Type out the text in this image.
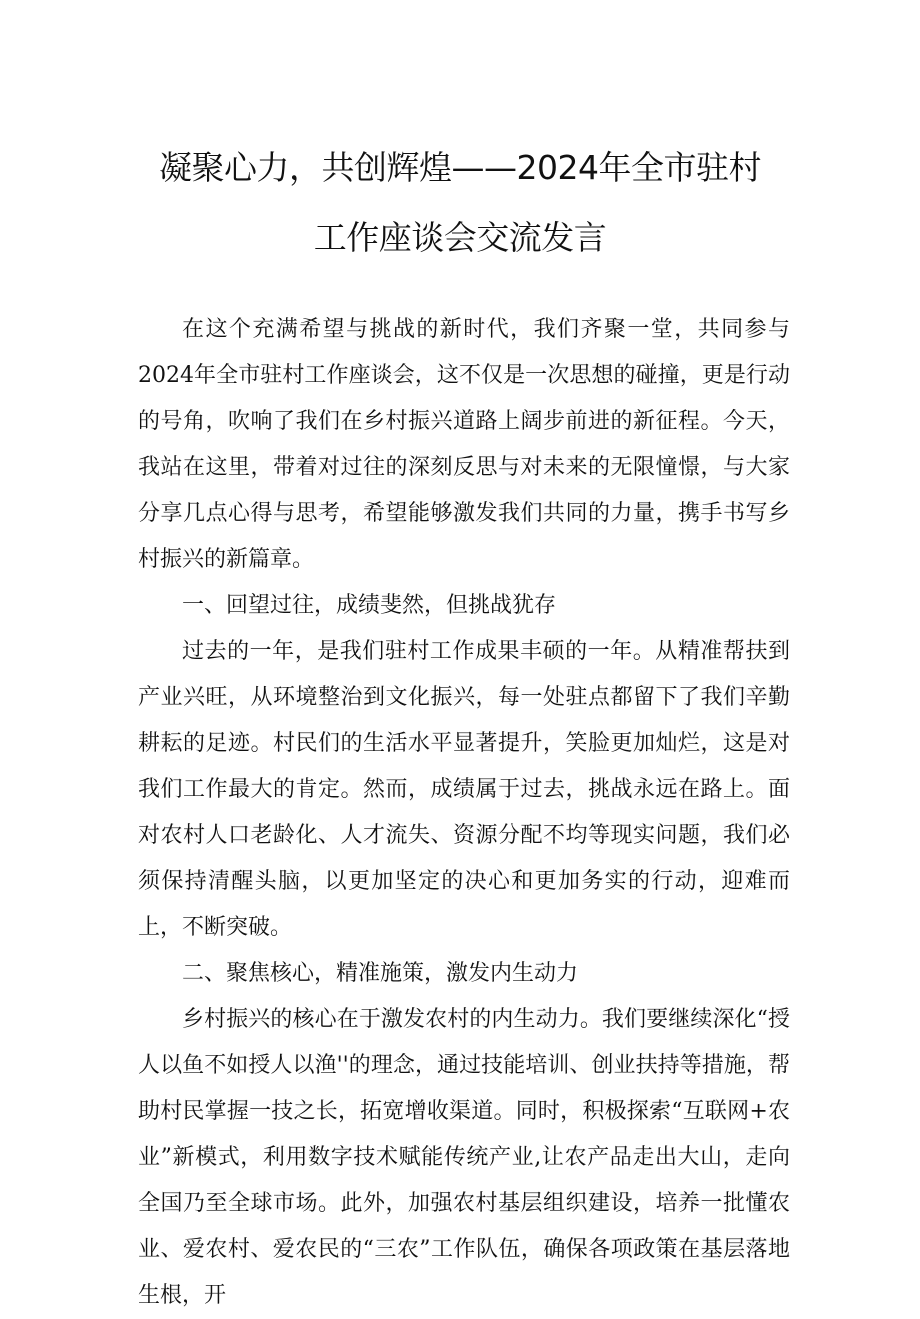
凝聚心力，共创辉煌——2024年全市驻村
工作座谈会交流发言

在这个充满希望与挑战的新时代，我们齐聚一堂，共同参与2024年全市驻村工作座谈会，这不仅是一次思想的碰撞，更是行动的号角，吹响了我们在乡村振兴道路上阔步前进的新征程。今天，我站在这里，带着对过往的深刻反思与对未来的无限憧憬，与大家分享几点心得与思考，希望能够激发我们共同的力量，携手书写乡村振兴的新篇章。

一、回望过往，成绩斐然，但挑战犹存

过去的一年，是我们驻村工作成果丰硕的一年。从精准帮扶到产业兴旺，从环境整治到文化振兴，每一处驻点都留下了我们辛勤耕耘的足迹。村民们的生活水平显著提升，笑脸更加灿烂，这是对我们工作最大的肯定。然而，成绩属于过去，挑战永远在路上。面对农村人口老龄化、人才流失、资源分配不均等现实问题，我们必须保持清醒头脑，以更加坚定的决心和更加务实的行动，迎难而上，不断突破。

二、聚焦核心，精准施策，激发内生动力

乡村振兴的核心在于激发农村的内生动力。我们要继续深化“授人以鱼不如授人以渔''的理念，通过技能培训、创业扶持等措施，帮助村民掌握一技之长，拓宽增收渠道。同时，积极探索“互联网+农业”新模式，利用数字技术赋能传统产业,让农产品走出大山，走向全国乃至全球市场。此外，加强农村基层组织建设，培养一批懂农业、爱农村、爱农民的“三农”工作队伍，确保各项政策在基层落地生根，开
